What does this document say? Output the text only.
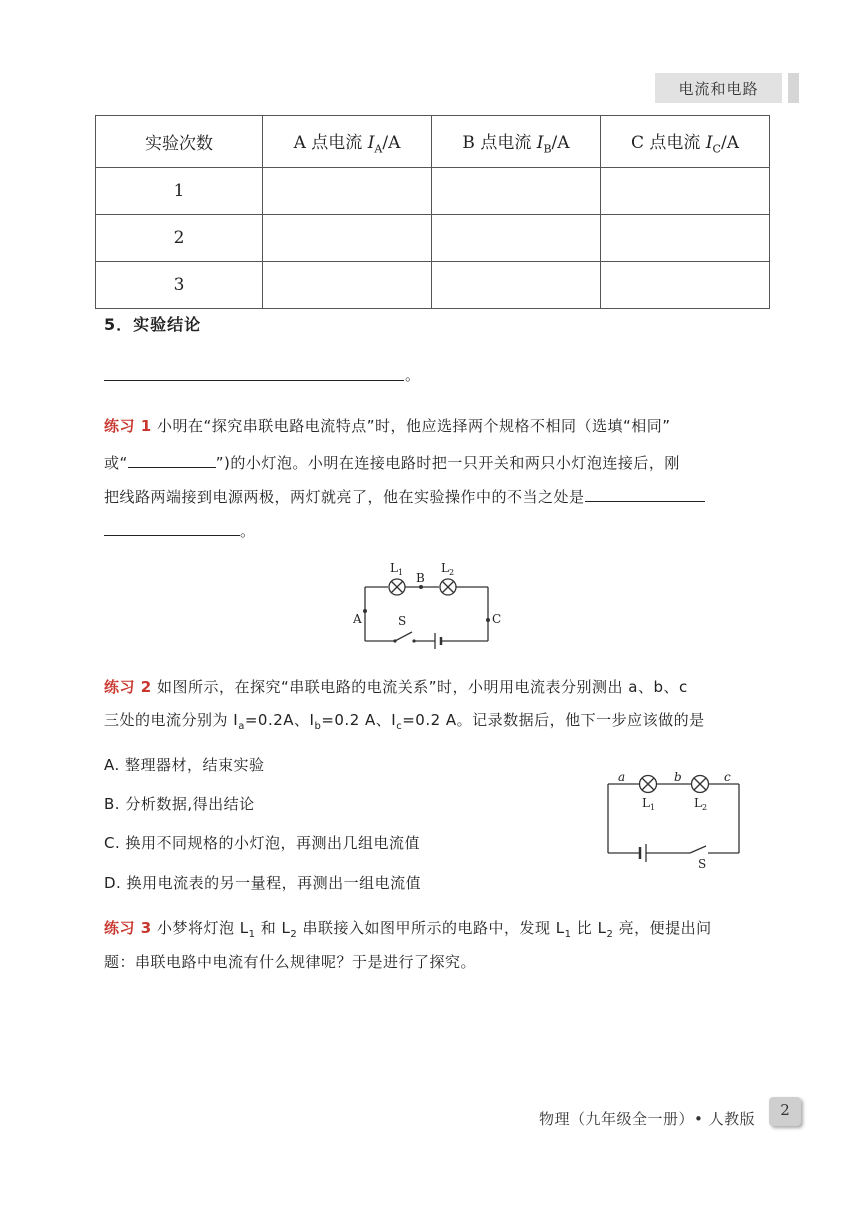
电流和电路
实验次数	A 点电流 $I_A/A$	B 点电流 $I_B/A$	C 点电流 $I_C/A$
1			
2			
3			
5．实验结论
。
练习 1 小明在“探究串联电路电流特点”时，他应选择两个规格不相同（选填“相同”
或“	”)的小灯泡。小明在连接电路时把一只开关和两只小灯泡连接后，刚
把线路两端接到电源两极，两灯就亮了，他在实验操作中的不当之处是
。
$L_1$	$L_2$
B
A	C
S
练习 2 如图所示，在探究“串联电路的电流关系”时，小明用电流表分别测出 a、b、c
三处的电流分别为 $I_a=0.2A$、$I_b=0.2$ A、$I_c=0.2$ A。记录数据后，他下一步应该做的是
A. 整理器材，结束实验
B. 分析数据,得出结论
C. 换用不同规格的小灯泡，再测出几组电流值
D. 换用电流表的另一量程，再测出一组电流值
a	b	c
$L_1$	$L_2$
S
练习 3 小梦将灯泡 $L_1$ 和 $L_2$ 串联接入如图甲所示的电路中，发现 $L_1$ 比 $L_2$ 亮，便提出问
题：串联电路中电流有什么规律呢？于是进行了探究。
物理（九年级全一册）• 人教版	2
